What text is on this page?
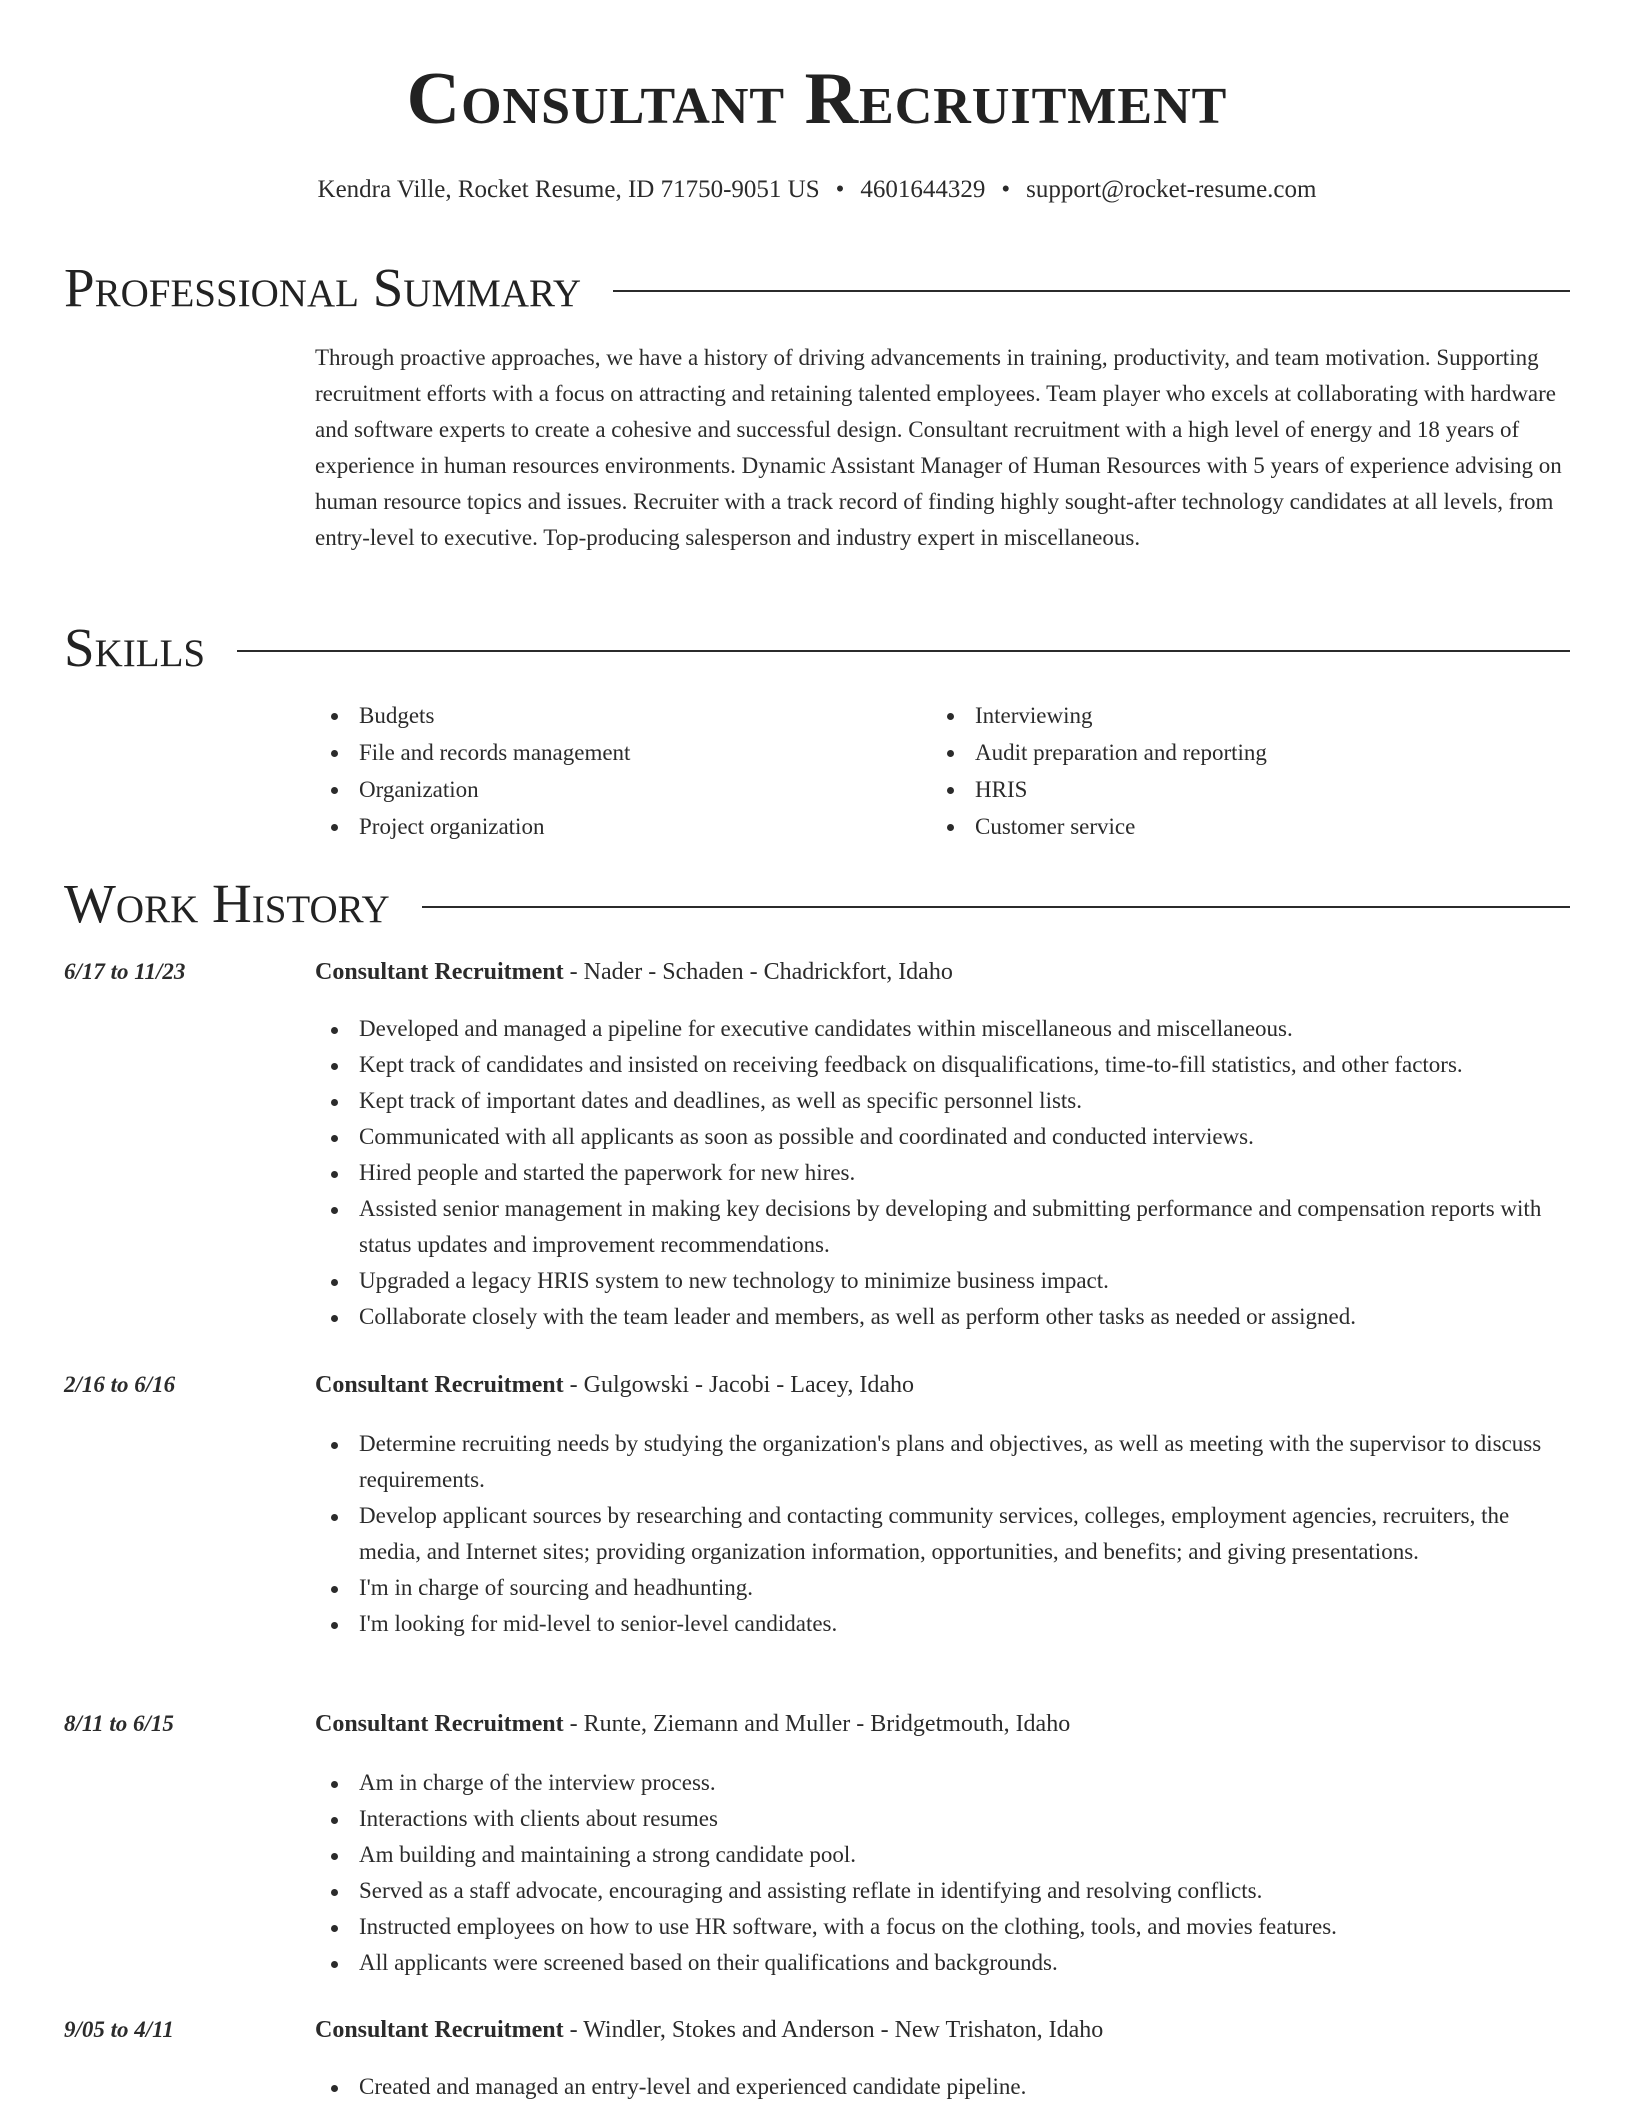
Consultant Recruitment
Kendra Ville, Rocket Resume, ID 71750-9051 US • 4601644329 • support@rocket-resume.com
Professional Summary

Through proactive approaches, we have a history of driving advancements in training, productivity, and team motivation. Supporting recruitment efforts with a focus on attracting and retaining talented employees. Team player who excels at collaborating with hardware and software experts to create a cohesive and successful design. Consultant recruitment with a high level of energy and 18 years of experience in human resources environments. Dynamic Assistant Manager of Human Resources with 5 years of experience advising on human resource topics and issues. Recruiter with a track record of finding highly sought-after technology candidates at all levels, from entry-level to executive. Top-producing salesperson and industry expert in miscellaneous.

Skills
Budgets
File and records management
Organization
Project organization
Interviewing
Audit preparation and reporting
HRIS
Customer service
Work History
6/17 to 11/23	Consultant Recruitment - Nader - Schaden - Chadrickfort, Idaho
Developed and managed a pipeline for executive candidates within miscellaneous and miscellaneous.
Kept track of candidates and insisted on receiving feedback on disqualifications, time-to-fill statistics, and other factors.
Kept track of important dates and deadlines, as well as specific personnel lists.
Communicated with all applicants as soon as possible and coordinated and conducted interviews.
Hired people and started the paperwork for new hires.
Assisted senior management in making key decisions by developing and submitting performance and compensation reports with status updates and improvement recommendations.
Upgraded a legacy HRIS system to new technology to minimize business impact.
Collaborate closely with the team leader and members, as well as perform other tasks as needed or assigned.
2/16 to 6/16	Consultant Recruitment - Gulgowski - Jacobi - Lacey, Idaho
Determine recruiting needs by studying the organization's plans and objectives, as well as meeting with the supervisor to discuss requirements.
Develop applicant sources by researching and contacting community services, colleges, employment agencies, recruiters, the media, and Internet sites; providing organization information, opportunities, and benefits; and giving presentations.
I'm in charge of sourcing and headhunting.
I'm looking for mid-level to senior-level candidates.
8/11 to 6/15	Consultant Recruitment - Runte, Ziemann and Muller - Bridgetmouth, Idaho
Am in charge of the interview process.
Interactions with clients about resumes
Am building and maintaining a strong candidate pool.
Served as a staff advocate, encouraging and assisting reflate in identifying and resolving conflicts.
Instructed employees on how to use HR software, with a focus on the clothing, tools, and movies features.
All applicants were screened based on their qualifications and backgrounds.
9/05 to 4/11	Consultant Recruitment - Windler, Stokes and Anderson - New Trishaton, Idaho
Created and managed an entry-level and experienced candidate pipeline.
